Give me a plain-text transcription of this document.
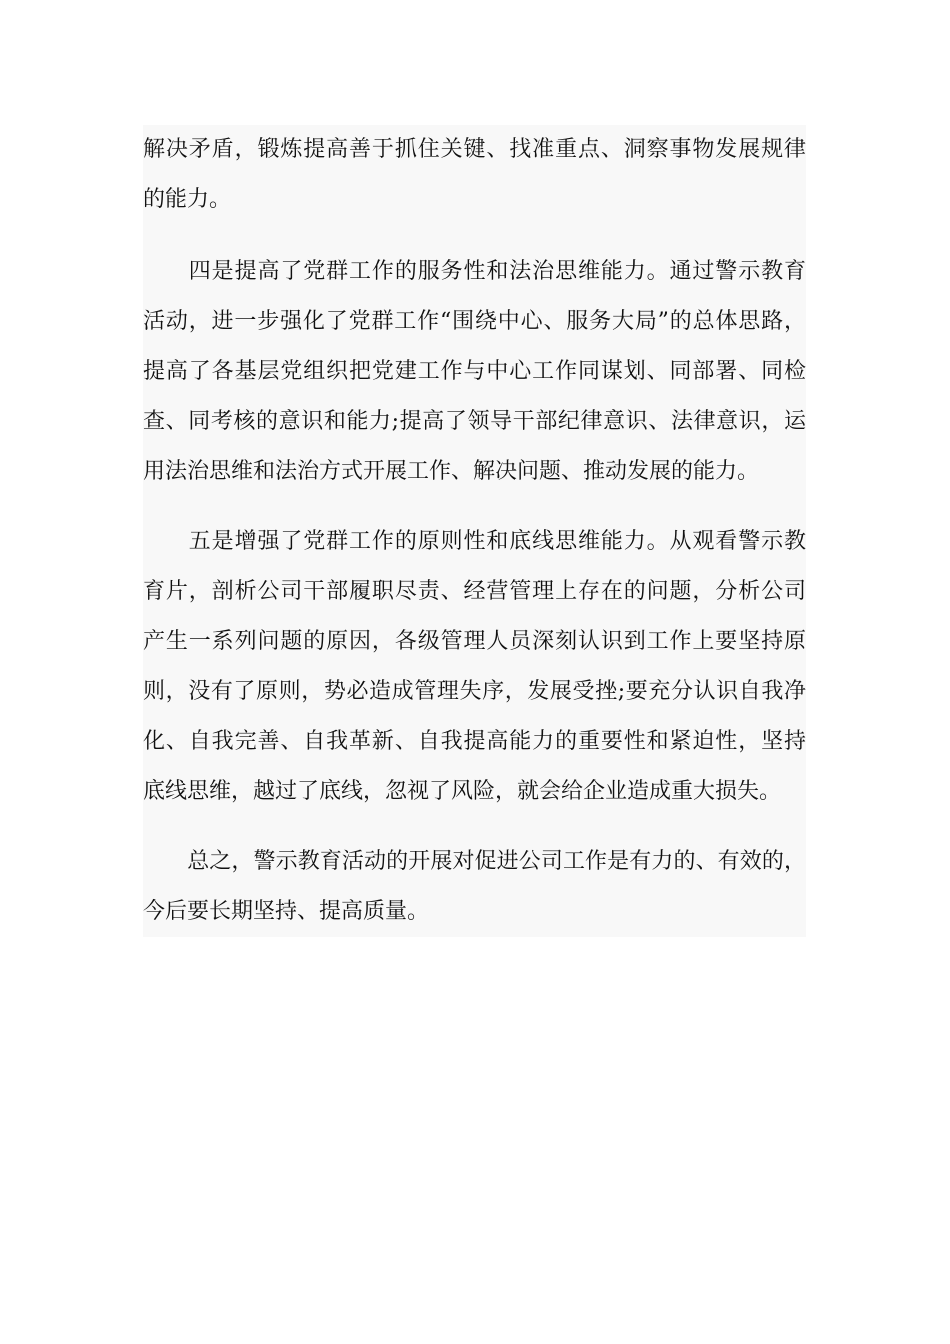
解决矛盾，锻炼提高善于抓住关键、找准重点、洞察事物发展规律
的能力。
　　四是提高了党群工作的服务性和法治思维能力。通过警示教育
活动，进一步强化了党群工作“围绕中心、服务大局”的总体思路，
提高了各基层党组织把党建工作与中心工作同谋划、同部署、同检
查、同考核的意识和能力;提高了领导干部纪律意识、法律意识，运
用法治思维和法治方式开展工作、解决问题、推动发展的能力。
　　五是增强了党群工作的原则性和底线思维能力。从观看警示教
育片，剖析公司干部履职尽责、经营管理上存在的问题，分析公司
产生一系列问题的原因，各级管理人员深刻认识到工作上要坚持原
则，没有了原则，势必造成管理失序，发展受挫;要充分认识自我净
化、自我完善、自我革新、自我提高能力的重要性和紧迫性，坚持
底线思维，越过了底线，忽视了风险，就会给企业造成重大损失。
　　总之，警示教育活动的开展对促进公司工作是有力的、有效的，
今后要长期坚持、提高质量。
